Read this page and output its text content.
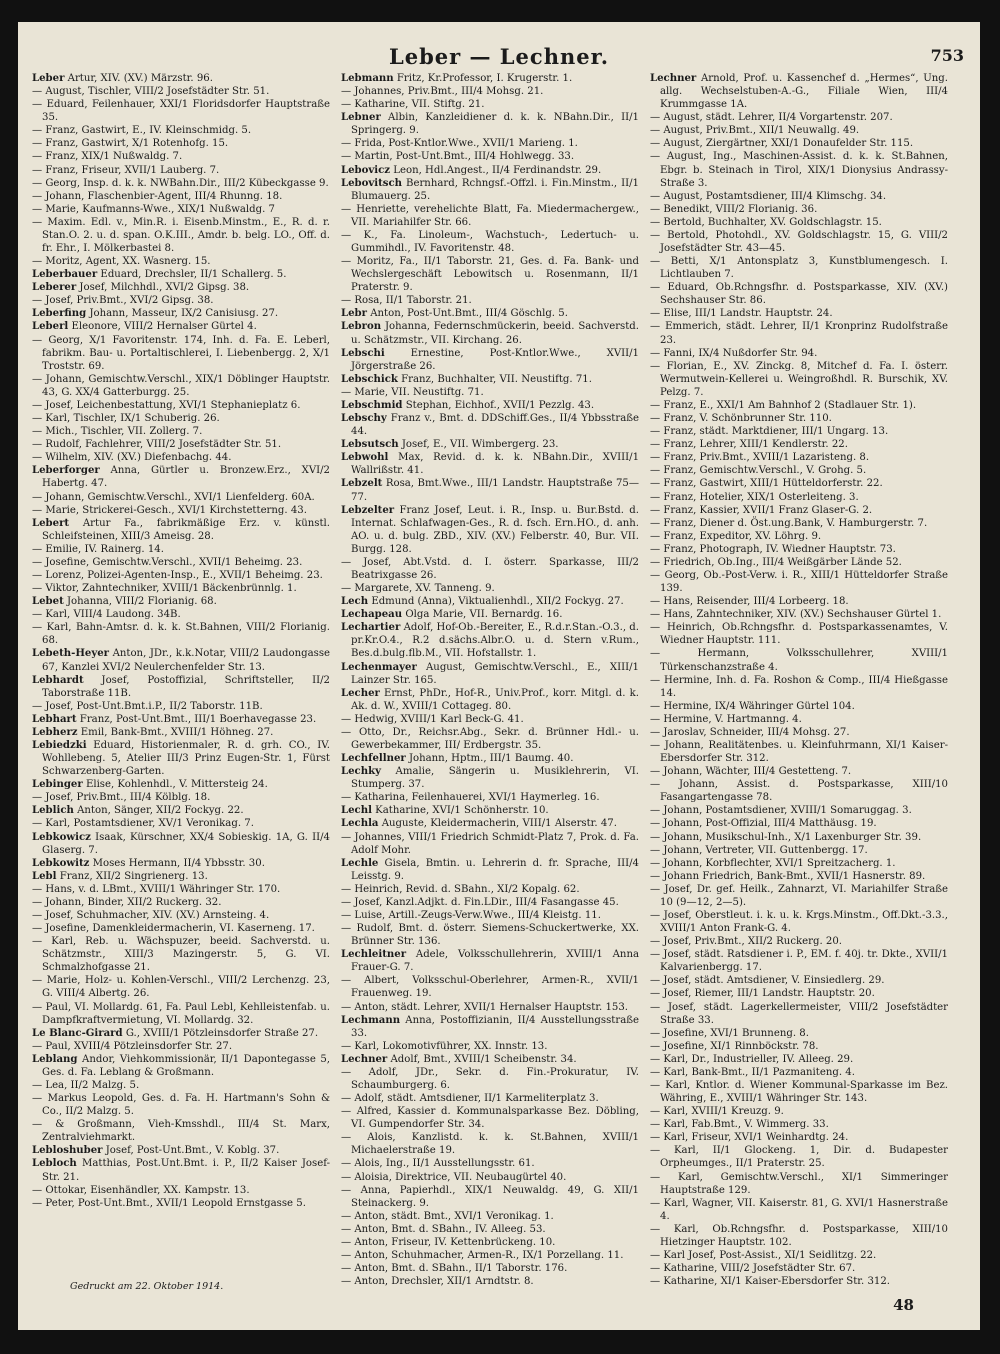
Leber — Lechner.	753

Leber Artur, XIV. (XV.) Märzstr. 96.

— August, Tischler, VIII/2 Josefstädter Str. 51.

— Eduard, Feilenhauer, XXI/1 Floridsdorfer Hauptstraße 35.

— Franz, Gastwirt, E., IV. Kleinschmidg. 5.

— Franz, Gastwirt, X/1 Rotenhofg. 15.

— Franz, XIX/1 Nußwaldg. 7.

— Franz, Friseur, XVII/1 Lauberg. 7.

— Georg, Insp. d. k. k. NWBahn.Dir., III/2 Kübeckgasse 9.

— Johann, Flaschenbier-Agent, III/4 Rhunng. 18.

— Marie, Kaufmanns-Wwe., XIX/1 Nußwaldg. 7

— Maxim. Edl. v., Min.R. i. Eisenb.Minstm., E., R. d. r. Stan.O. 2. u. d. span. O.K.III., Amdr. b. belg. LO., Off. d. fr. Ehr., I. Mölkerbastei 8.

— Moritz, Agent, XX. Wasnerg. 15.

Leberbauer Eduard, Drechsler, II/1 Schallerg. 5.

Leberer Josef, Milchhdl., XVI/2 Gipsg. 38.

— Josef, Priv.Bmt., XVI/2 Gipsg. 38.

Leberfing Johann, Masseur, IX/2 Canisiusg. 27.

Leberl Eleonore, VIII/2 Hernalser Gürtel 4.

— Georg, X/1 Favoritenstr. 174, Inh. d. Fa. E. Leberl, fabrikm. Bau- u. Portaltischlerei, I. Liebenbergg. 2, X/1 Troststr. 69.

— Johann, Gemischtw.Verschl., XIX/1 Döblinger Hauptstr. 43, G. XX/4 Gatterburgg. 25.

— Josef, Leichenbestattung, XVI/1 Stephanieplatz 6.

— Karl, Tischler, IX/1 Schuberig. 26.

— Mich., Tischler, VII. Zollerg. 7.

— Rudolf, Fachlehrer, VIII/2 Josefstädter Str. 51.

— Wilhelm, XIV. (XV.) Diefenbachg. 44.

Leberforger Anna, Gürtler u. Bronzew.Erz., XVI/2 Habertg. 47.

— Johann, Gemischtw.Verschl., XVI/1 Lienfelderg. 60A.

— Marie, Strickerei-Gesch., XVI/1 Kirchstetterng. 43.

Lebert Artur Fa., fabrikmäßige Erz. v. künstl. Schleifsteinen, XIII/3 Ameisg. 28.

— Emilie, IV. Rainerg. 14.

— Josefine, Gemischtw.Verschl., XVII/1 Beheimg. 23.

— Lorenz, Polizei-Agenten-Insp., E., XVII/1 Beheimg. 23.

— Viktor, Zahntechniker, XVIII/1 Bäckenbrünnlg. 1.

Lebet Johanna, VIII/2 Florianig. 68.

— Karl, VIII/4 Laudong. 34B.

— Karl, Bahn-Amtsr. d. k. k. St.Bahnen, VIII/2 Florianig. 68.

Lebeth-Heyer Anton, JDr., k.k.Notar, VIII/2 Laudongasse 67, Kanzlei XVI/2 Neulerchenfelder Str. 13.

Lebhardt Josef, Postoffizial, Schriftsteller, II/2 Taborstraße 11B.

— Josef, Post-Unt.Bmt.i.P., II/2 Taborstr. 11B.

Lebhart Franz, Post-Unt.Bmt., III/1 Boerhavegasse 23.

Lebherz Emil, Bank-Bmt., XVIII/1 Höhneg. 27.

Lebiedzki Eduard, Historienmaler, R. d. grh. CO., IV. Wohllebeng. 5, Atelier III/3 Prinz Eugen-Str. 1, Fürst Schwarzenberg-Garten.

Lebinger Elise, Kohlenhdl., V. Mittersteig 24.

— Josef, Priv.Bmt., III/4 Kölblg. 18.

Leblich Anton, Sänger, XII/2 Fockyg. 22.

— Karl, Postamtsdiener, XV/1 Veronikag. 7.

Lebkowicz Isaak, Kürschner, XX/4 Sobieskig. 1A, G. II/4 Glaserg. 7.

Lebkowitz Moses Hermann, II/4 Ybbsstr. 30.

Lebl Franz, XII/2 Singrienerg. 13.

— Hans, v. d. LBmt., XVIII/1 Währinger Str. 170.

— Johann, Binder, XII/2 Ruckerg. 32.

— Josef, Schuhmacher, XIV. (XV.) Arnsteing. 4.

— Josefine, Damenkleidermacherin, VI. Kaserneng. 17.

— Karl, Reb. u. Wächspuzer, beeid. Sachverstd. u. Schätzmstr., XIII/3 Mazingerstr. 5, G. VI. Schmalzhofgasse 21.

— Marie, Holz- u. Kohlen-Verschl., VIII/2 Lerchenzg. 23, G. VIII/4 Albertg. 26.

— Paul, VI. Mollardg. 61, Fa. Paul Lebl, Kehlleistenfab. u. Dampfkraftvermietung, VI. Mollardg. 32.

Le Blanc-Girard G., XVIII/1 Pötzleinsdorfer Straße 27.

— Paul, XVIII/4 Pötzleinsdorfer Str. 27.

Leblang Andor, Viehkommissionär, II/1 Dapontegasse 5, Ges. d. Fa. Leblang & Großmann.

— Lea, II/2 Malzg. 5.

— Markus Leopold, Ges. d. Fa. H. Hartmann's Sohn & Co., II/2 Malzg. 5.

— & Großmann, Vieh-Kmsshdl., III/4 St. Marx, Zentralviehmarkt.

Lebloshuber Josef, Post-Unt.Bmt., V. Koblg. 37.

Lebloch Matthias, Post.Unt.Bmt. i. P., II/2 Kaiser Josef-Str. 21.

— Ottokar, Eisenhändler, XX. Kampstr. 13.

— Peter, Post-Unt.Bmt., XVII/1 Leopold Ernstgasse 5.

Lebmann Fritz, Kr.Professor, I. Krugerstr. 1.

— Johannes, Priv.Bmt., III/4 Mohsg. 21.

— Katharine, VII. Stiftg. 21.

Lebner Albin, Kanzleidiener d. k. k. NBahn.Dir., II/1 Springerg. 9.

— Frida, Post-Kntlor.Wwe., XVII/1 Marieng. 1.

— Martin, Post-Unt.Bmt., III/4 Hohlwegg. 33.

Lebovicz Leon, Hdl.Angest., II/4 Ferdinandstr. 29.

Lebovitsch Bernhard, Rchngsf.-Offzl. i. Fin.Minstm., II/1 Blumauerg. 25.

— Henriette, verehelichte Blatt, Fa. Miedermachergew., VII. Mariahilfer Str. 66.

— K., Fa. Linoleum-, Wachstuch-, Ledertuch- u. Gummihdl., IV. Favoritenstr. 48.

— Moritz, Fa., II/1 Taborstr. 21, Ges. d. Fa. Bank- und Wechslergeschäft Lebowitsch u. Rosenmann, II/1 Praterstr. 9.

— Rosa, II/1 Taborstr. 21.

Lebr Anton, Post-Unt.Bmt., III/4 Göschlg. 5.

Lebron Johanna, Federnschmückerin, beeid. Sachverstd. u. Schätzmstr., VII. Kirchang. 26.

Lebschi	Ernestine, Post-Kntlor.Wwe., XVII/1 Jörgerstraße 26.

Lebschick Franz, Buchhalter, VII. Neustiftg. 71.

— Marie, VII. Neustiftg. 71.

Lebschmid Stephan, Eichhof., XVII/1 Pezzlg. 43.

Lebschy Franz v., Bmt. d. DDSchiff.Ges., II/4 Ybbsstraße 44.

Lebsutsch Josef, E., VII. Wimbergerg. 23.

Lebwohl Max, Revid. d. k. k. NBahn.Dir., XVIII/1 Wallrißstr. 41.

Lebzelt Rosa, Bmt.Wwe., III/1 Landstr. Hauptstraße 75—77.

Lebzelter Franz Josef, Leut. i. R., Insp. u. Bur.Bstd. d. Internat. Schlafwagen-Ges., R. d. fsch. Ern.HO., d. anh. AO. u. d. bulg. ZBD., XIV. (XV.) Felberstr. 40, Bur. VII. Burgg. 128.

— Josef, Abt.Vstd. d. I. österr. Sparkasse, III/2 Beatrixgasse 26.

— Margarete, XV. Tanneng. 9.

Lech Edmund (Anna), Viktualienhdl., XII/2 Fockyg. 27.

Lechapeau Olga Marie, VII. Bernardg. 16.

Lechartier Adolf, Hof-Ob.-Bereiter, E., R.d.r.Stan.-O.3., d. pr.Kr.O.4., R.2 d.sächs.Albr.O. u. d. Stern v.Rum., Bes.d.bulg.flb.M., VII. Hofstallstr. 1.

Lechenmayer August, Gemischtw.Verschl., E., XIII/1 Lainzer Str. 165.

Lecher Ernst, PhDr., Hof-R., Univ.Prof., korr. Mitgl. d. k. Ak. d. W., XVIII/1 Cottageg. 80.

— Hedwig, XVIII/1 Karl Beck-G. 41.

— Otto, Dr., Reichsr.Abg., Sekr. d. Brünner Hdl.- u. Gewerbekammer, III/ Erdbergstr. 35.

Lechfellner Johann, Hptm., III/1 Baumg. 40.

Lechky Amalie, Sängerin u. Musiklehrerin, VI. Stumperg. 37.

— Katharina, Feilenhauerei, XVI/1 Haymerleg. 16.

Lechl Katharine, XVI/1 Schönherstr. 10.

Lechla Auguste, Kleidermacherin, VIII/1 Alserstr. 47.

— Johannes, VIII/1 Friedrich Schmidt-Platz 7, Prok. d. Fa. Adolf Mohr.

Lechle Gisela, Bmtin. u. Lehrerin d. fr. Sprache, III/4 Leisstg. 9.

— Heinrich, Revid. d. SBahn., XI/2 Kopalg. 62.

— Josef, Kanzl.Adjkt. d. Fin.LDir., III/4 Fasangasse 45.

— Luise, Artill.-Zeugs-Verw.Wwe., III/4 Kleistg. 11.

— Rudolf, Bmt. d. österr. Siemens-Schuckertwerke, XX. Brünner Str. 136.

Lechleitner Adele, Volksschullehrerin, XVIII/1 Anna Frauer-G. 7.

— Albert, Volksschul-Oberlehrer, Armen-R., XVII/1 Frauenweg. 19.

— Anton, städt. Lehrer, XVII/1 Hernalser Hauptstr. 153.

Lechmann Anna, Postoffizianin, II/4 Ausstellungsstraße 33.

— Karl, Lokomotivführer, XX. Innstr. 13.

Lechner Adolf, Bmt., XVIII/1 Scheibenstr. 34.

— Adolf, JDr., Sekr. d. Fin.-Prokuratur, IV. Schaumburgerg. 6.

— Adolf, städt. Amtsdiener, II/1 Karmeliterplatz 3.

— Alfred, Kassier d. Kommunalsparkasse Bez. Döbling, VI. Gumpendorfer Str. 34.

— Alois, Kanzlistd. k. k. St.Bahnen, XVIII/1 Michaelerstraße 19.

— Alois, Ing., II/1 Ausstellungsstr. 61.

— Aloisia, Direktrice, VII. Neubaugürtel 40.

— Anna, Papierhdl., XIX/1 Neuwaldg. 49, G. XII/1 Steinackerg. 9.

— Anton, städt. Bmt., XVI/1 Veronikag. 1.

— Anton, Bmt. d. SBahn., IV. Alleeg. 53.

— Anton, Friseur, IV. Kettenbrückeng. 10.

— Anton, Schuhmacher, Armen-R., IX/1 Porzellang. 11.

— Anton, Bmt. d. SBahn., II/1 Taborstr. 176.

— Anton, Drechsler, XII/1 Arndtstr. 8.

Lechner Arnold, Prof. u. Kassenchef d. „Hermes“, Ung. allg. Wechselstuben-A.-G., Filiale Wien, III/4 Krummgasse 1A.

— August, städt. Lehrer, II/4 Vorgartenstr. 207.

— August, Priv.Bmt., XII/1 Neuwallg. 49.

— August, Ziergärtner, XXI/1 Donaufelder Str. 115.

— August, Ing., Maschinen-Assist. d. k. k. St.Bahnen, Ebgr. b. Steinach in Tirol, XIX/1 Dionysius Andrassy-Straße 3.

— August, Postamtsdiener, III/4 Klimschg. 34.

— Benedikt, VIII/2 Florianig. 36.

— Bertold, Buchhalter, XV. Goldschlagstr. 15.

— Bertold, Photohdl., XV. Goldschlagstr. 15, G. VIII/2 Josefstädter Str. 43—45.

— Betti, X/1 Antonsplatz 3, Kunstblumengesch. I. Lichtlauben 7.

— Eduard, Ob.Rchngsfhr. d. Postsparkasse, XIV. (XV.) Sechshauser Str. 86.

— Elise, III/1 Landstr. Hauptstr. 24.

— Emmerich, städt. Lehrer, II/1 Kronprinz Rudolfstraße 23.

— Fanni, IX/4 Nußdorfer Str. 94.

— Florian, E., XV. Zinckg. 8, Mitchef d. Fa. I. österr. Wermutwein-Kellerei u. Weingroßhdl. R. Burschik, XV. Pelzg. 7.

— Franz, E., XXI/1 Am Bahnhof 2 (Stadlauer Str. 1).

— Franz, V. Schönbrunner Str. 110.

— Franz, städt. Marktdiener, III/1 Ungarg. 13.

— Franz, Lehrer, XIII/1 Kendlerstr. 22.

— Franz, Priv.Bmt., XVIII/1 Lazaristeng. 8.

— Franz, Gemischtw.Verschl., V. Grohg. 5.

— Franz, Gastwirt, XIII/1 Hütteldorferstr. 22.

— Franz, Hotelier, XIX/1 Osterleiteng. 3.

— Franz, Kassier, XVII/1 Franz Glaser-G. 2.

— Franz, Diener d. Öst.ung.Bank, V. Hamburgerstr. 7.

— Franz, Expeditor, XV. Löhrg. 9.

— Franz, Photograph, IV. Wiedner Hauptstr. 73.

— Friedrich, Ob.Ing., III/4 Weißgärber Lände 52.

— Georg, Ob.-Post-Verw. i. R., XIII/1 Hütteldorfer Straße 139.

— Hans, Reisender, III/4 Lorbeerg. 18.

— Hans, Zahntechniker, XIV. (XV.) Sechshauser Gürtel 1.

— Heinrich, Ob.Rchngsfhr. d. Postsparkassenamtes, V. Wiedner Hauptstr. 111.

— Hermann, Volksschullehrer, XVIII/1 Türkenschanzstraße 4.

— Hermine, Inh. d. Fa. Roshon & Comp., III/4 Hießgasse 14.

— Hermine, IX/4 Währinger Gürtel 104.

— Hermine, V. Hartmanng. 4.

— Jaroslav, Schneider, III/4 Mohsg. 27.

— Johann, Realitätenbes. u. Kleinfuhrmann, XI/1 Kaiser-Ebersdorfer Str. 312.

— Johann, Wächter, III/4 Gestetteng. 7.

— Johann, Assist. d. Postsparkasse, XIII/10 Fasangartengasse 78.

— Johann, Postamtsdiener, XVIII/1 Somaruggag. 3.

— Johann, Post-Offizial, III/4 Matthäusg. 19.

— Johann, Musikschul-Inh., X/1 Laxenburger Str. 39.

— Johann, Vertreter, VII. Guttenbergg. 17.

— Johann, Korbflechter, XVI/1 Spreitzacherg. 1.

— Johann Friedrich, Bank-Bmt., XVII/1 Hasnerstr. 89.

— Josef, Dr. gef. Heilk., Zahnarzt, VI. Mariahilfer Straße 10 (9—12, 2—5).

— Josef, Oberstleut. i. k. u. k. Krgs.Minstm., Off.Dkt.-3.3., XVIII/1 Anton Frank-G. 4.

— Josef, Priv.Bmt., XII/2 Ruckerg. 20.

— Josef, städt. Ratsdiener i. P., EM. f. 40j. tr. Dkte., XVII/1 Kalvarienbergg. 17.

— Josef, städt. Amtsdiener, V. Einsiedlerg. 29.

— Josef, Riemer, III/1 Landstr. Hauptstr. 20.

— Josef, städt. Lagerkellermeister, VIII/2 Josefstädter Straße 33.

— Josefine, XVI/1 Brunneng. 8.

— Josefine, XI/1 Rinnböckstr. 78.

— Karl, Dr., Industrieller, IV. Alleeg. 29.

— Karl, Bank-Bmt., II/1 Pazmaniteng. 4.

— Karl, Kntlor. d. Wiener Kommunal-Sparkasse im Bez. Währing, E., XVIII/1 Währinger Str. 143.

— Karl, XVIII/1 Kreuzg. 9.

— Karl, Fab.Bmt., V. Wimmerg. 33.

— Karl, Friseur, XVI/1 Weinhardtg. 24.

— Karl, II/1 Glockeng. 1, Dir. d. Budapester Orpheumges., II/1 Praterstr. 25.

— Karl, Gemischtw.Verschl., XI/1 Simmeringer Hauptstraße 129.

— Karl, Wagner, VII. Kaiserstr. 81, G. XVI/1 Hasnerstraße 4.

— Karl, Ob.Rchngsfhr. d. Postsparkasse, XIII/10 Hietzinger Hauptstr. 102.

— Karl Josef, Post-Assist., XI/1 Seidlitzg. 22.

— Katharine, VIII/2 Josefstädter Str. 67.

— Katharine, XI/1 Kaiser-Ebersdorfer Str. 312.

Gedruckt am 22. Oktober 1914.
48
